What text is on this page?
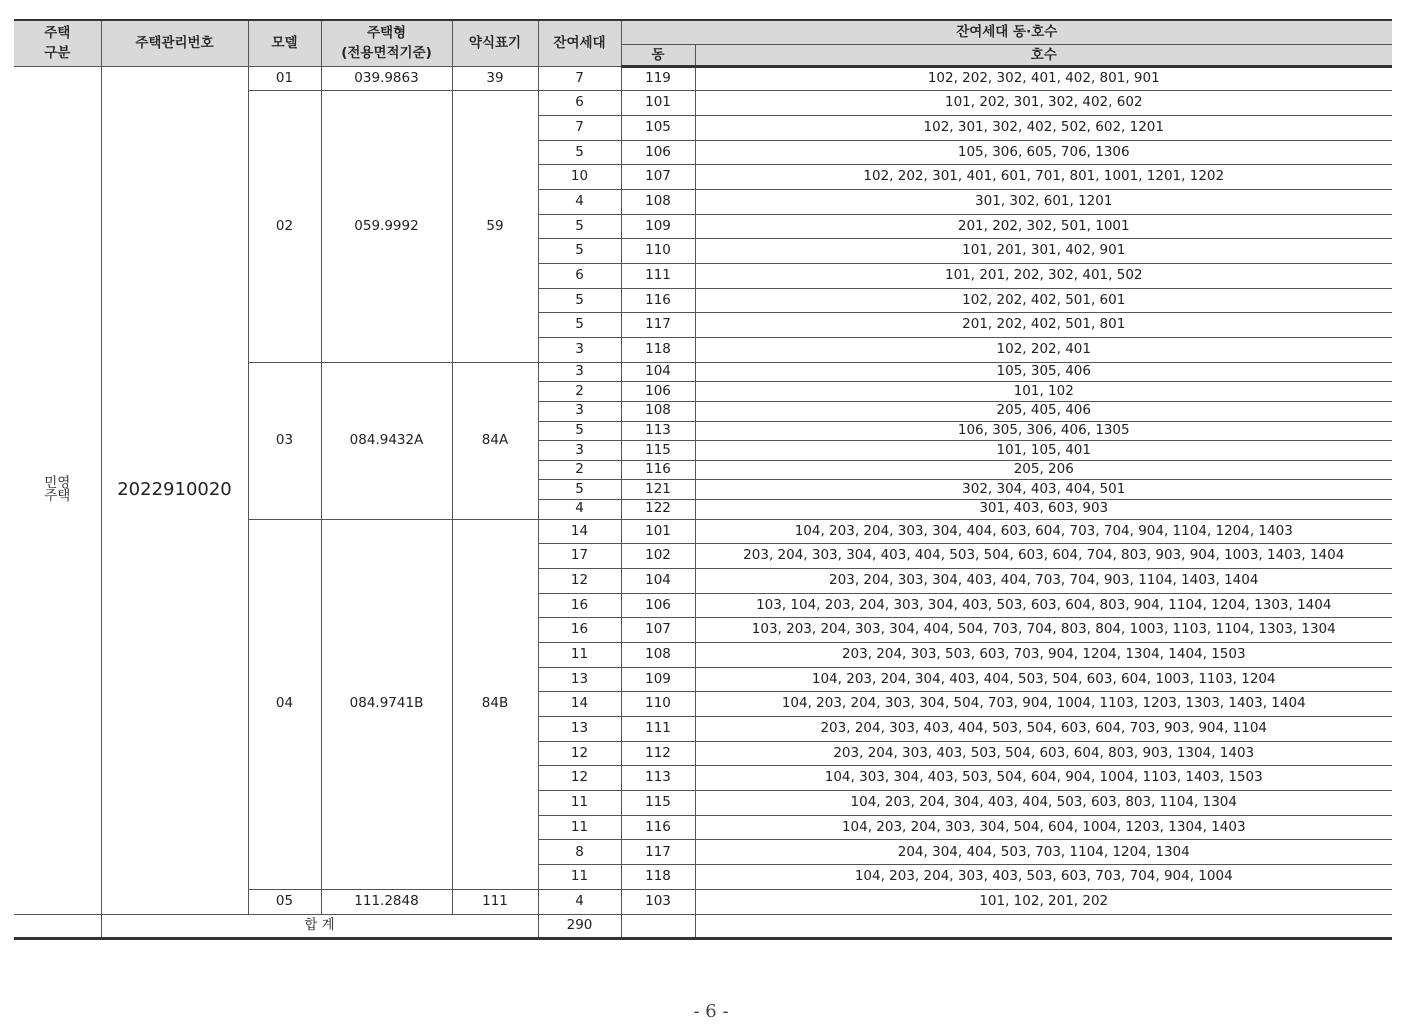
주택
구분	주택관리번호	모델	주택형
(전용면적기준)	약식표기	잔여세대	잔여세대 동·호수	
						동	호수
민영
주택	2022910020	01	039.9863	39	7	119	102, 202, 302, 401, 402, 801, 901
		02	059.9992	59	6	101	101, 202, 301, 302, 402, 602
					7	105	102, 301, 302, 402, 502, 602, 1201
					5	106	105, 306, 605, 706, 1306
					10	107	102, 202, 301, 401, 601, 701, 801, 1001, 1201, 1202
					4	108	301, 302, 601, 1201
					5	109	201, 202, 302, 501, 1001
					5	110	101, 201, 301, 402, 901
					6	111	101, 201, 202, 302, 401, 502
					5	116	102, 202, 402, 501, 601
					5	117	201, 202, 402, 501, 801
					3	118	102, 202, 401
		03	084.9432A	84A	3	104	105, 305, 406
					2	106	101, 102
					3	108	205, 405, 406
					5	113	106, 305, 306, 406, 1305
					3	115	101, 105, 401
					2	116	205, 206
					5	121	302, 304, 403, 404, 501
					4	122	301, 403, 603, 903
		04	084.9741B	84B	14	101	104, 203, 204, 303, 304, 404, 603, 604, 703, 704, 904, 1104, 1204, 1403
					17	102	203, 204, 303, 304, 403, 404, 503, 504, 603, 604, 704, 803, 903, 904, 1003, 1403, 1404
					12	104	203, 204, 303, 304, 403, 404, 703, 704, 903, 1104, 1403, 1404
					16	106	103, 104, 203, 204, 303, 304, 403, 503, 603, 604, 803, 904, 1104, 1204, 1303, 1404
					16	107	103, 203, 204, 303, 304, 404, 504, 703, 704, 803, 804, 1003, 1103, 1104, 1303, 1304
					11	108	203, 204, 303, 503, 603, 703, 904, 1204, 1304, 1404, 1503
					13	109	104, 203, 204, 304, 403, 404, 503, 504, 603, 604, 1003, 1103, 1204
					14	110	104, 203, 204, 303, 304, 504, 703, 904, 1004, 1103, 1203, 1303, 1403, 1404
					13	111	203, 204, 303, 403, 404, 503, 504, 603, 604, 703, 903, 904, 1104
					12	112	203, 204, 303, 403, 503, 504, 603, 604, 803, 903, 1304, 1403
					12	113	104, 303, 304, 403, 503, 504, 604, 904, 1004, 1103, 1403, 1503
					11	115	104, 203, 204, 304, 403, 404, 503, 603, 803, 1104, 1304
					11	116	104, 203, 204, 303, 304, 504, 604, 1004, 1203, 1304, 1403
					8	117	204, 304, 404, 503, 703, 1104, 1204, 1304
					11	118	104, 203, 204, 303, 403, 503, 603, 703, 704, 904, 1004
		05	111.2848	111	4	103	101, 102, 201, 202
	합 계				290		
- 6 -
